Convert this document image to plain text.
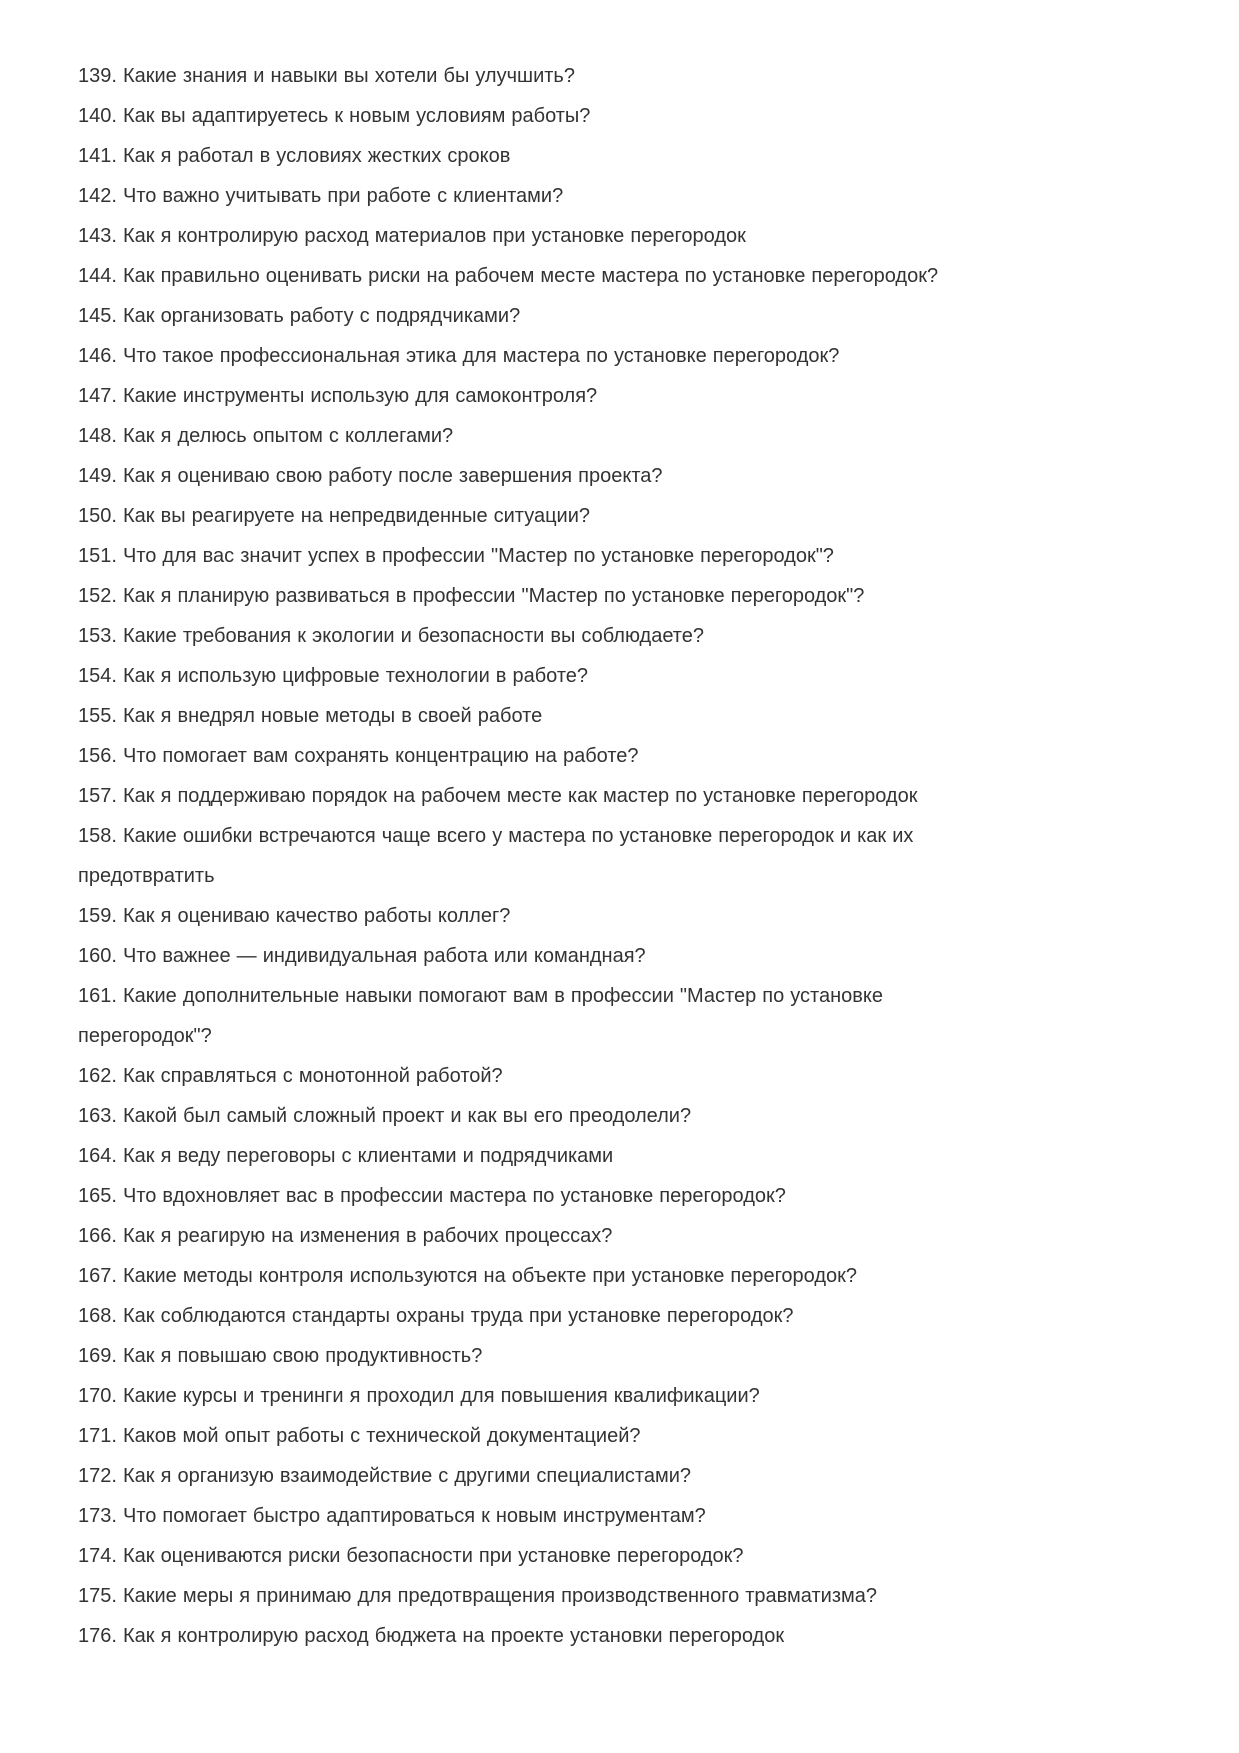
139. Какие знания и навыки вы хотели бы улучшить?

140. Как вы адаптируетесь к новым условиям работы?

141. Как я работал в условиях жестких сроков

142. Что важно учитывать при работе с клиентами?

143. Как я контролирую расход материалов при установке перегородок

144. Как правильно оценивать риски на рабочем месте мастера по установке перегородок?

145. Как организовать работу с подрядчиками?

146. Что такое профессиональная этика для мастера по установке перегородок?

147. Какие инструменты использую для самоконтроля?

148. Как я делюсь опытом с коллегами?

149. Как я оцениваю свою работу после завершения проекта?

150. Как вы реагируете на непредвиденные ситуации?

151. Что для вас значит успех в профессии "Мастер по установке перегородок"?

152. Как я планирую развиваться в профессии "Мастер по установке перегородок"?

153. Какие требования к экологии и безопасности вы соблюдаете?

154. Как я использую цифровые технологии в работе?

155. Как я внедрял новые методы в своей работе

156. Что помогает вам сохранять концентрацию на работе?

157. Как я поддерживаю порядок на рабочем месте как мастер по установке перегородок

158. Какие ошибки встречаются чаще всего у мастера по установке перегородок и как их предотвратить

159. Как я оцениваю качество работы коллег?

160. Что важнее — индивидуальная работа или командная?

161. Какие дополнительные навыки помогают вам в профессии "Мастер по установке перегородок"?

162. Как справляться с монотонной работой?

163. Какой был самый сложный проект и как вы его преодолели?

164. Как я веду переговоры с клиентами и подрядчиками

165. Что вдохновляет вас в профессии мастера по установке перегородок?

166. Как я реагирую на изменения в рабочих процессах?

167. Какие методы контроля используются на объекте при установке перегородок?

168. Как соблюдаются стандарты охраны труда при установке перегородок?

169. Как я повышаю свою продуктивность?

170. Какие курсы и тренинги я проходил для повышения квалификации?

171. Каков мой опыт работы с технической документацией?

172. Как я организую взаимодействие с другими специалистами?

173. Что помогает быстро адаптироваться к новым инструментам?

174. Как оцениваются риски безопасности при установке перегородок?

175. Какие меры я принимаю для предотвращения производственного травматизма?

176. Как я контролирую расход бюджета на проекте установки перегородок
